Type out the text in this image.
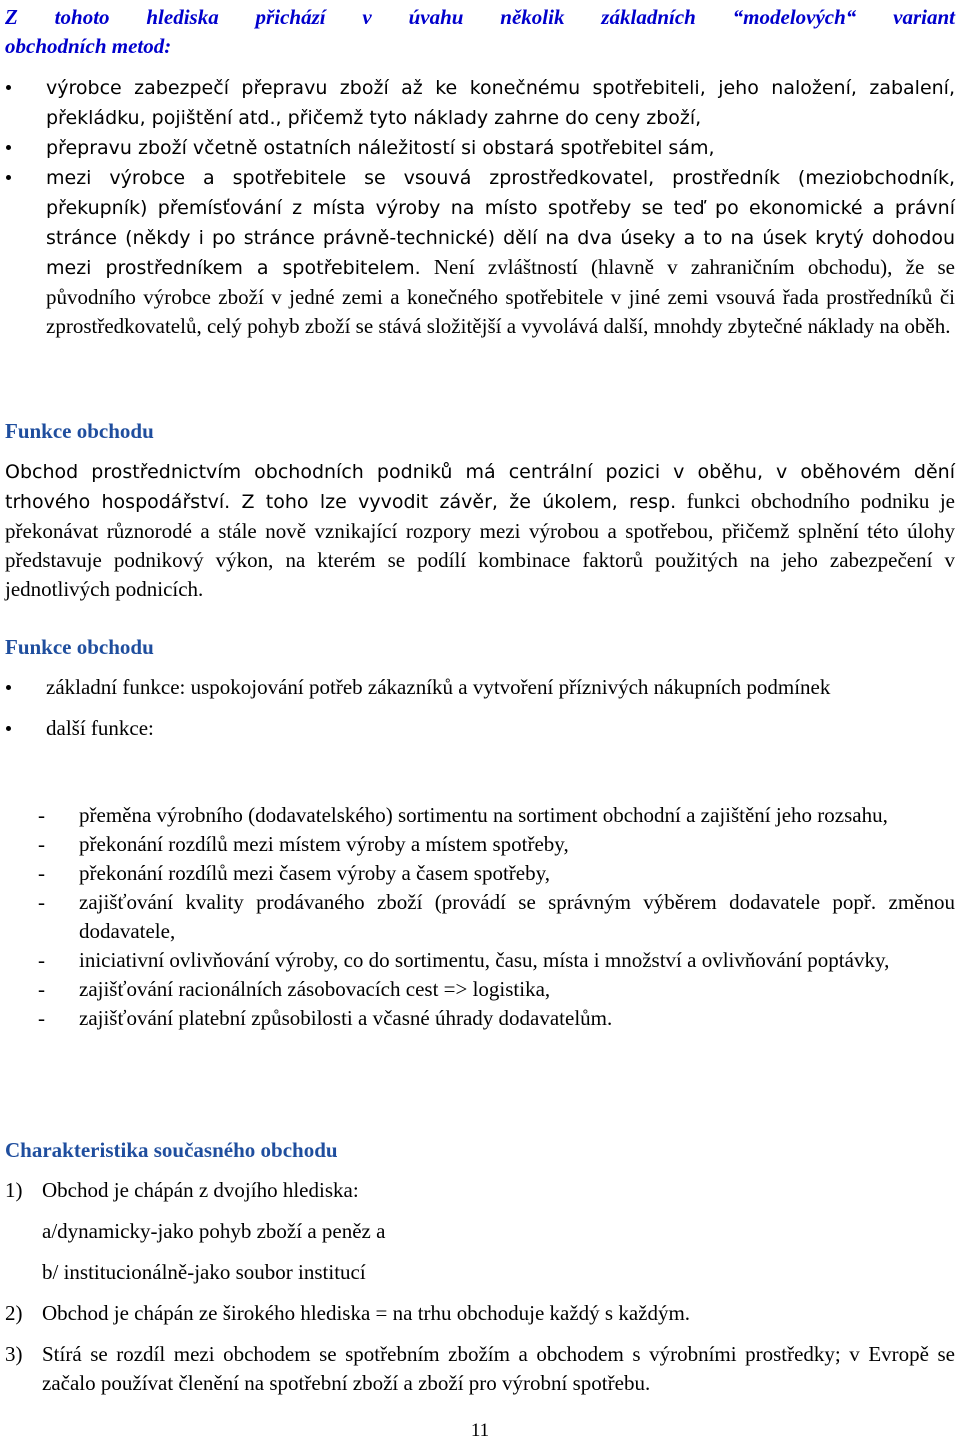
Z tohoto hlediska přichází v úvahu několik základních “modelových“ variant
obchodních metod:
výrobce zabezpečí přepravu zboží až ke konečnému spotřebiteli, jeho naložení, zabalení, překládku, pojištění atd., přičemž tyto náklady zahrne do ceny zboží,
přepravu zboží včetně ostatních náležitostí si obstará spotřebitel sám,
mezi výrobce a spotřebitele se vsouvá zprostředkovatel, prostředník (meziobchodník, překupník) přemísťování z místa výroby na místo spotřeby se teď po ekonomické a právní stránce (někdy i po stránce právně-technické) dělí na dva úseky a to na úsek krytý dohodou mezi prostředníkem a spotřebitelem. Není zvláštností (hlavně v zahraničním obchodu), že se původního výrobce zboží v jedné zemi a konečného spotřebitele v jiné zemi vsouvá řada prostředníků či zprostředkovatelů, celý pohyb zboží se stává složitější a vyvolává další, mnohdy zbytečné náklady na oběh.
Funkce obchodu
Obchod prostřednictvím obchodních podniků má centrální pozici v oběhu, v oběhovém dění trhového hospodářství. Z toho lze vyvodit závěr, že úkolem, resp. funkci obchodního podniku je překonávat různorodé a stále nově vznikající rozpory mezi výrobou a spotřebou, přičemž splnění této úlohy představuje podnikový výkon, na kterém se podílí kombinace faktorů použitých na jeho zabezpečení v jednotlivých podnicích.
Funkce obchodu
základní funkce: uspokojování potřeb zákazníků a vytvoření příznivých nákupních podmínek
další funkce:
- přeměna výrobního (dodavatelského) sortimentu na sortiment obchodní a zajištění jeho rozsahu,
- překonání rozdílů mezi místem výroby a místem spotřeby,
- překonání rozdílů mezi časem výroby a časem spotřeby,
- zajišťování kvality prodávaného zboží (provádí se správným výběrem dodavatele popř. změnou dodavatele,
- iniciativní ovlivňování výroby, co do sortimentu, času, místa i množství a ovlivňování poptávky,
- zajišťování racionálních zásobovacích cest => logistika,
- zajišťování platební způsobilosti a včasné úhrady dodavatelům.
Charakteristika současného obchodu
1) Obchod je chápán z dvojího hlediska:
a/dynamicky-jako pohyb zboží a peněz a
b/ institucionálně-jako soubor institucí
2) Obchod je chápán ze širokého hlediska = na trhu obchoduje každý s každým.
3) Stírá se rozdíl mezi obchodem se spotřebním zbožím a obchodem s výrobními prostředky; v Evropě se začalo používat členění na spotřební zboží a zboží pro výrobní spotřebu.
11
